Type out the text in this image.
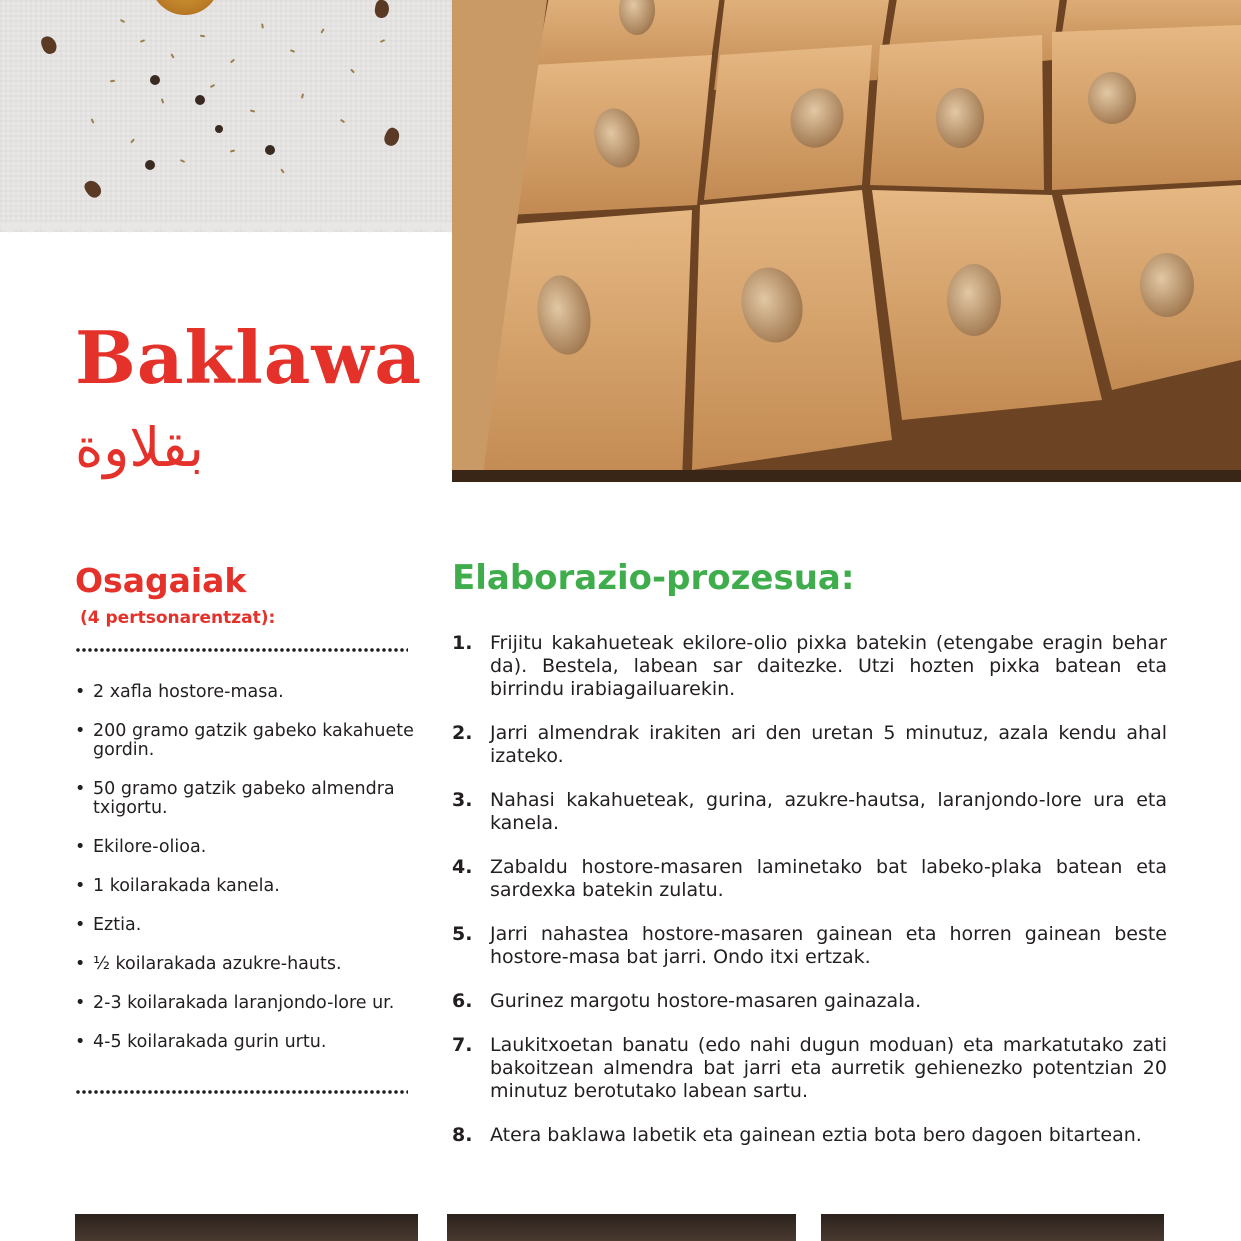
Baklawa
بقلاوة
Osagaiak
(4 pertsonarentzat):
• 2 xafla hostore-masa.
• 200 gramo gatzik gabeko kakahuete gordin.
• 50 gramo gatzik gabeko almendra txigortu.
• Ekilore-olioa.
• 1 koilarakada kanela.
• Eztia.
• ½ koilarakada azukre-hauts.
• 2-3 koilarakada laranjondo-lore ur.
• 4-5 koilarakada gurin urtu.
Elaborazio-prozesua:
1. Frijitu kakahueteak ekilore-olio pixka batekin (etengabe eragin behar da). Bestela, labean sar daitezke. Utzi hozten pixka batean eta birrindu irabiagailuarekin.
2. Jarri almendrak irakiten ari den uretan 5 minutuz, azala kendu ahal izateko.
3. Nahasi kakahueteak, gurina, azukre-hautsa, laranjondo-lore ura eta kanela.
4. Zabaldu hostore-masaren laminetako bat labeko-plaka batean eta sardexka batekin zulatu.
5. Jarri nahastea hostore-masaren gainean eta horren gainean beste hostore-masa bat jarri. Ondo itxi ertzak.
6. Gurinez margotu hostore-masaren gainazala.
7. Laukitxoetan banatu (edo nahi dugun moduan) eta markatutako zati bakoitzean almendra bat jarri eta aurretik gehienezko potentzian 20 minutuz berotutako labean sartu.
8. Atera baklawa labetik eta gainean eztia bota bero dagoen bitartean.
